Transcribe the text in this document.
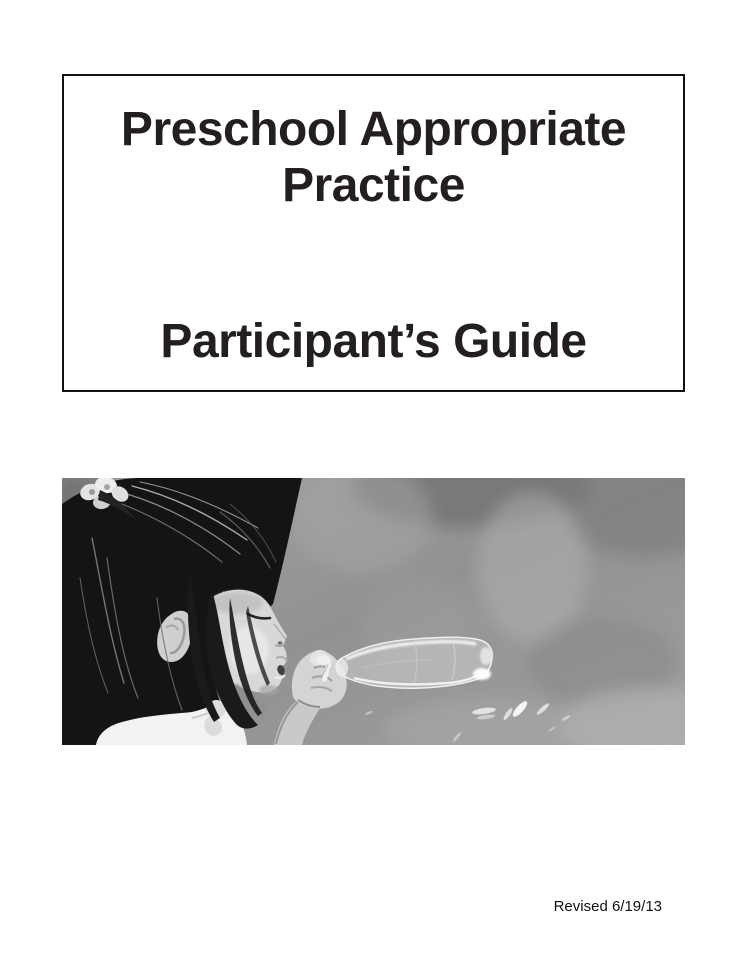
Preschool Appropriate Practice
Participant’s Guide
Revised 6/19/13
